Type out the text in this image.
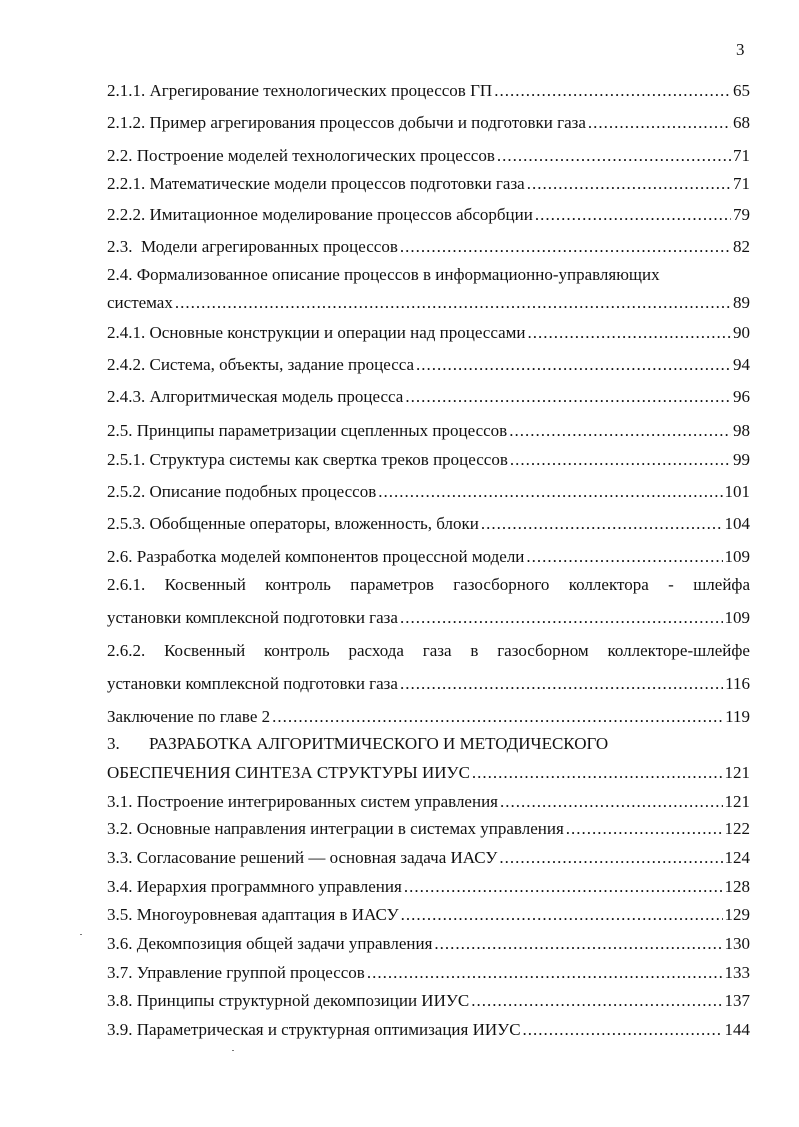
3
2.1.1. Агрегирование технологических процессов ГП .....	65
2.1.2. Пример агрегирования процессов добычи и подготовки газа .....	68
2.2. Построение моделей технологических процессов .....	71
2.2.1. Математические модели процессов подготовки газа .....	71
2.2.2. Имитационное моделирование процессов абсорбции .....	79
2.3.  Модели агрегированных процессов .....	82
2.4. Формализованное описание процессов в информационно-управляющих
системах .....	89
2.4.1. Основные конструкции и операции над процессами .....	90
2.4.2. Система, объекты, задание процесса .....	94
2.4.3. Алгоритмическая модель процесса .....	96
2.5. Принципы параметризации сцепленных процессов .....	98
2.5.1. Структура системы как свертка треков процессов .....	99
2.5.2. Описание подобных процессов .....	101
2.5.3. Обобщенные операторы, вложенность, блоки .....	104
2.6. Разработка моделей компонентов процессной модели .....	109
2.6.1. Косвенный контроль параметров газосборного коллектора - шлейфа
установки комплексной подготовки газа .....	109
2.6.2. Косвенный контроль расхода газа в газосборном коллекторе-шлейфе
установки комплексной подготовки газа .....	116
Заключение по главе 2 .....	119
3. РАЗРАБОТКА АЛГОРИТМИЧЕСКОГО И МЕТОДИЧЕСКОГО
ОБЕСПЕЧЕНИЯ СИНТЕЗА СТРУКТУРЫ ИИУС .....	121
3.1. Построение интегрированных систем управления .....	121
3.2. Основные направления интеграции в системах управления .....	122
3.3. Согласование решений — основная задача ИАСУ .....	124
3.4. Иерархия программного управления .....	128
3.5. Многоуровневая адаптация в ИАСУ .....	129
3.6. Декомпозиция общей задачи управления .....	130
3.7. Управление группой процессов .....	133
3.8. Принципы структурной декомпозиции ИИУС .....	137
3.9. Параметрическая и структурная оптимизация ИИУС .....	144
